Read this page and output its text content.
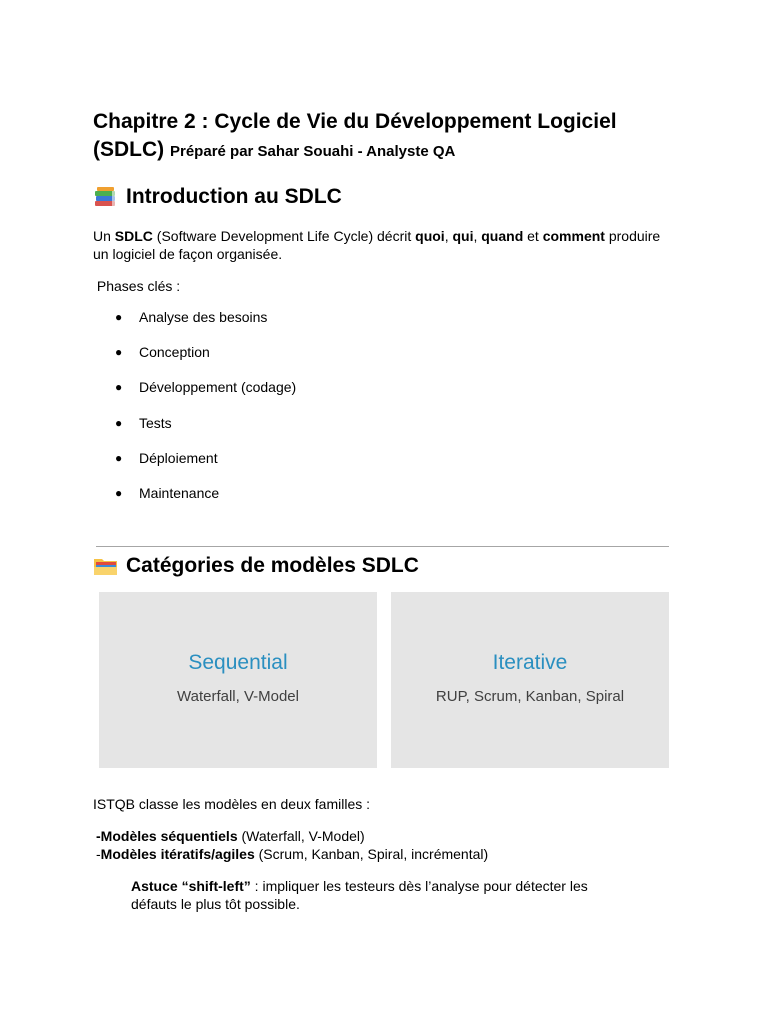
Chapitre 2 : Cycle de Vie du Développement Logiciel (SDLC) Préparé par Sahar Souahi - Analyste QA
Introduction au SDLC

Un SDLC (Software Development Life Cycle) décrit quoi, qui, quand et comment produire un logiciel de façon organisée.

Phases clés :

● Analyse des besoins
● Conception
● Développement (codage)
● Tests
● Déploiement
● Maintenance
Catégories de modèles SDLC
Sequential
Waterfall, V-Model
Iterative
RUP, Scrum, Kanban, Spiral

ISTQB classe les modèles en deux familles :

-Modèles séquentiels (Waterfall, V-Model)

-Modèles itératifs/agiles (Scrum, Kanban, Spiral, incrémental)

Astuce “shift-left” : impliquer les testeurs dès l’analyse pour détecter les défauts le plus tôt possible.
